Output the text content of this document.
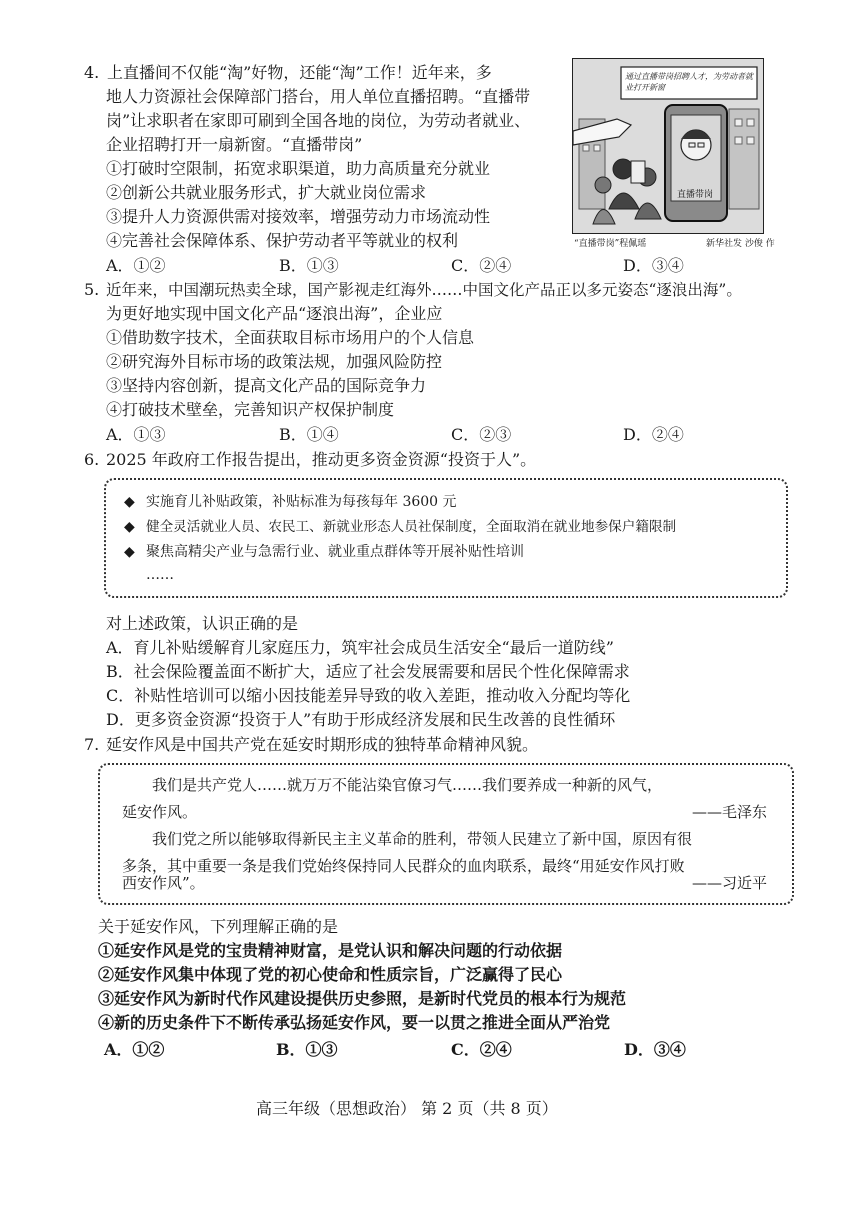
4. 上直播间不仅能“淘”好物，还能“淘”工作！近年来，多
地人力资源社会保障部门搭台，用人单位直播招聘。“直播带
岗”让求职者在家即可刷到全国各地的岗位，为劳动者就业、
企业招聘打开一扇新窗。“直播带岗”
①打破时空限制，拓宽求职渠道，助力高质量充分就业
②创新公共就业服务形式，扩大就业岗位需求
③提升人力资源供需对接效率，增强劳动力市场流动性
④完善社会保障体系、保护劳动者平等就业的权利
A．①②	B．①③	C．②④	D．③④
通过直播带岗招聘人才，为劳动者就业打开新窗
直播带岗
“直播带岗”程佩瑶	新华社发 沙俊 作
5. 近年来，中国潮玩热卖全球，国产影视走红海外……中国文化产品正以多元姿态“逐浪出海”。
为更好地实现中国文化产品“逐浪出海”，企业应
①借助数字技术，全面获取目标市场用户的个人信息
②研究海外目标市场的政策法规，加强风险防控
③坚持内容创新，提高文化产品的国际竞争力
④打破技术壁垒，完善知识产权保护制度
A．①③	B．①④	C．②③	D．②④
6. 2025 年政府工作报告提出，推动更多资金资源“投资于人”。
◆ 实施育儿补贴政策，补贴标准为每孩每年 3600 元
◆ 健全灵活就业人员、农民工、新就业形态人员社保制度，全面取消在就业地参保户籍限制
◆ 聚焦高精尖产业与急需行业、就业重点群体等开展补贴性培训
……
对上述政策，认识正确的是
A．育儿补贴缓解育儿家庭压力，筑牢社会成员生活安全“最后一道防线”
B．社会保险覆盖面不断扩大，适应了社会发展需要和居民个性化保障需求
C．补贴性培训可以缩小因技能差异导致的收入差距，推动收入分配均等化
D．更多资金资源“投资于人”有助于形成经济发展和民生改善的良性循环
7. 延安作风是中国共产党在延安时期形成的独特革命精神风貌。
我们是共产党人……就万万不能沾染官僚习气……我们要养成一种新的风气，
延安作风。	——毛泽东
我们党之所以能够取得新民主主义革命的胜利，带领人民建立了新中国，原因有很
多条，其中重要一条是我们党始终保持同人民群众的血肉联系，最终“用延安作风打败
西安作风”。	——习近平
关于延安作风，下列理解正确的是
①延安作风是党的宝贵精神财富，是党认识和解决问题的行动依据
②延安作风集中体现了党的初心使命和性质宗旨，广泛赢得了民心
③延安作风为新时代作风建设提供历史参照，是新时代党员的根本行为规范
④新的历史条件下不断传承弘扬延安作风，要一以贯之推进全面从严治党
A．①②	B．①③	C．②④	D．③④
高三年级（思想政治） 第 2 页（共 8 页）
